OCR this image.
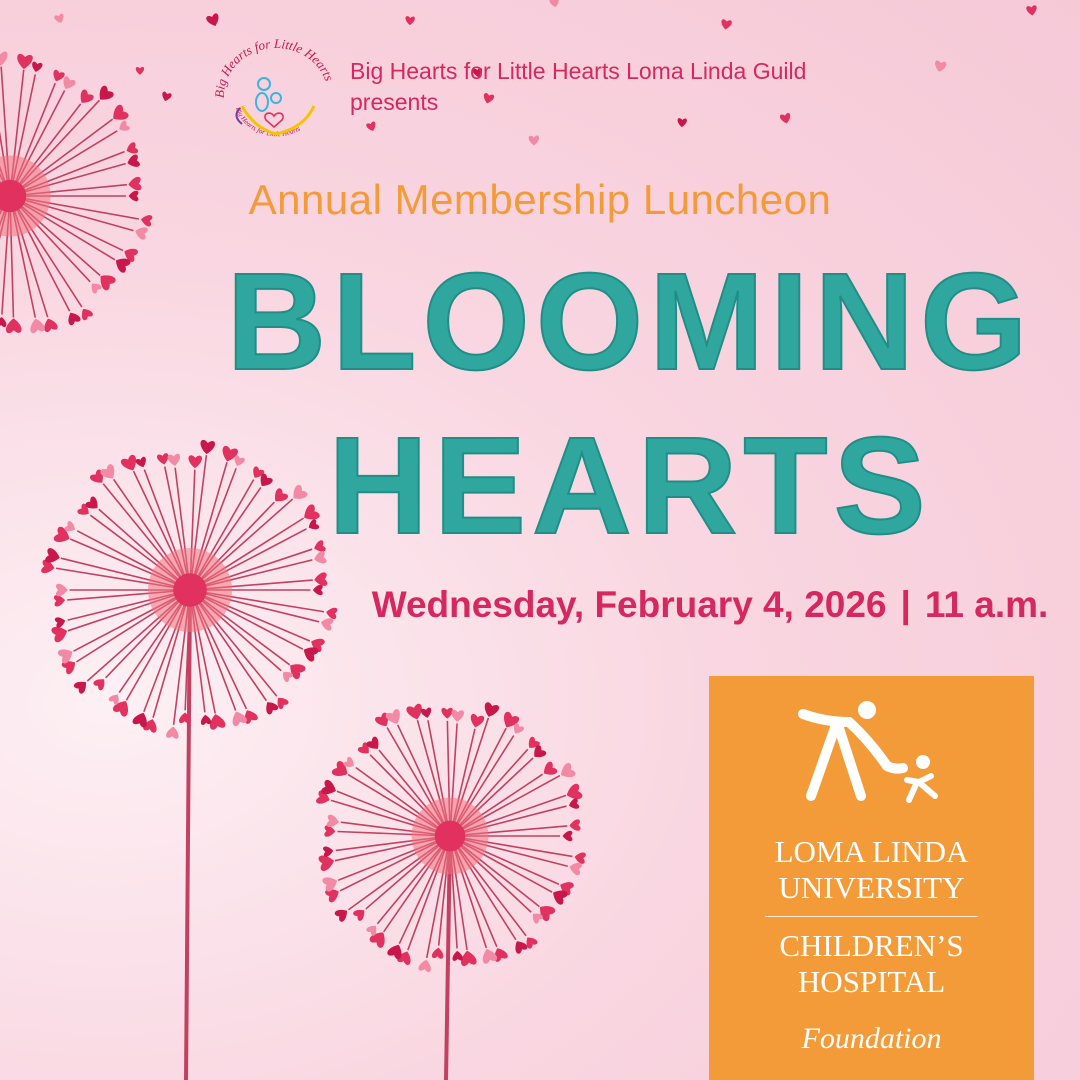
ig Hearts for Little Hearts
Big Hearts for Little Hearts
Big Hearts for Little Hearts Loma Linda Guild
presents
Annual Membership Luncheon
BLOOMING
HEARTS
Wednesday, February 4, 2026 | 11 a.m.
LOMA LINDA
UNIVERSITY
CHILDREN’S
HOSPITAL
Foundation
